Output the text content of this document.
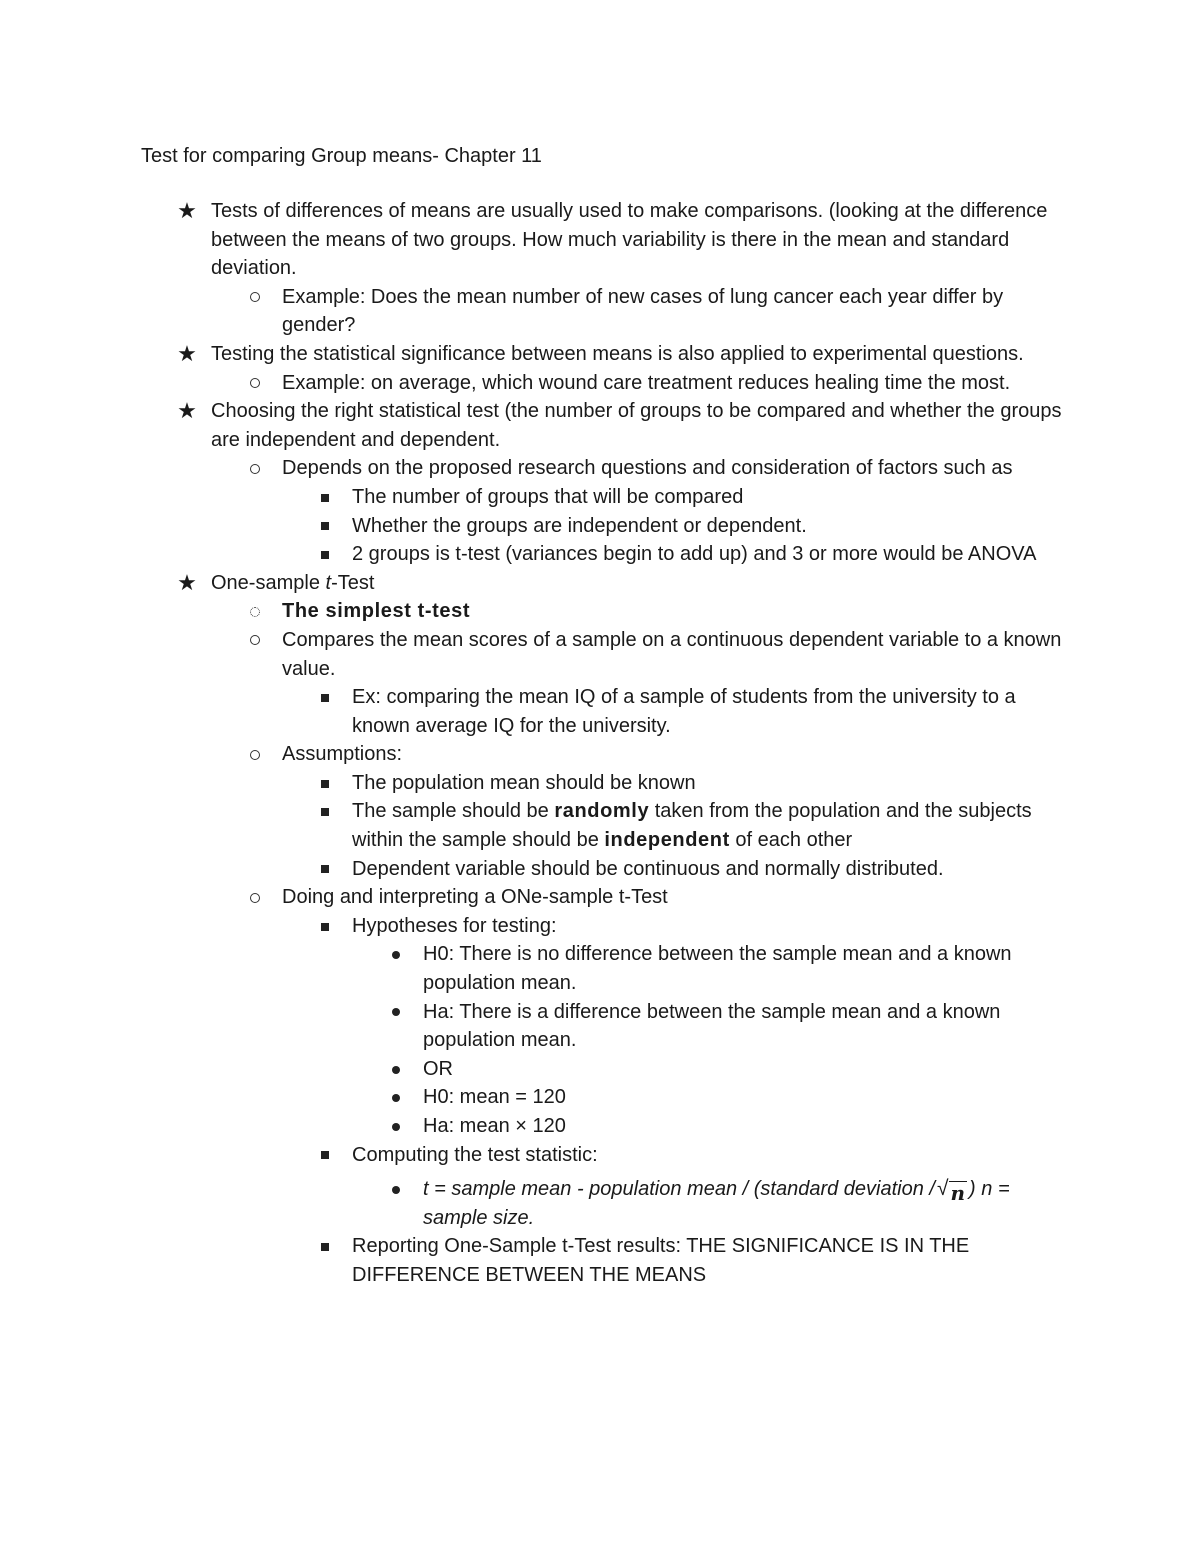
Test for comparing Group means- Chapter 11
★ Tests of differences of means are usually used to make comparisons. (looking at the difference between the means of two groups. How much variability is there in the mean and standard deviation.
Example: Does the mean number of new cases of lung cancer each year differ by gender?
★ Testing the statistical significance between means is also applied to experimental questions.
Example: on average, which wound care treatment reduces healing time the most.
★ Choosing the right statistical test (the number of groups to be compared and whether the groups are independent and dependent.
Depends on the proposed research questions and consideration of factors such as
The number of groups that will be compared
Whether the groups are independent or dependent.
2 groups is t-test (variances begin to add up) and 3 or more would be ANOVA
★ One-sample t-Test
The simplest t-test
Compares the mean scores of a sample on a continuous dependent variable to a known value.
Ex: comparing the mean IQ of a sample of students from the university to a known average IQ for the university.
Assumptions:
The population mean should be known
The sample should be randomly taken from the population and the subjects within the sample should be independent of each other
Dependent variable should be continuous and normally distributed.
Doing and interpreting a ONe-sample t-Test
Hypotheses for testing:
H0: There is no difference between the sample mean and a known population mean.
Ha: There is a difference between the sample mean and a known population mean.
OR
H0: mean = 120
Ha: mean × 120
Computing the test statistic:
t = sample mean - population mean / (standard deviation / √ n ) n = sample size.
Reporting One-Sample t-Test results: THE SIGNIFICANCE IS IN THE DIFFERENCE BETWEEN THE MEANS
